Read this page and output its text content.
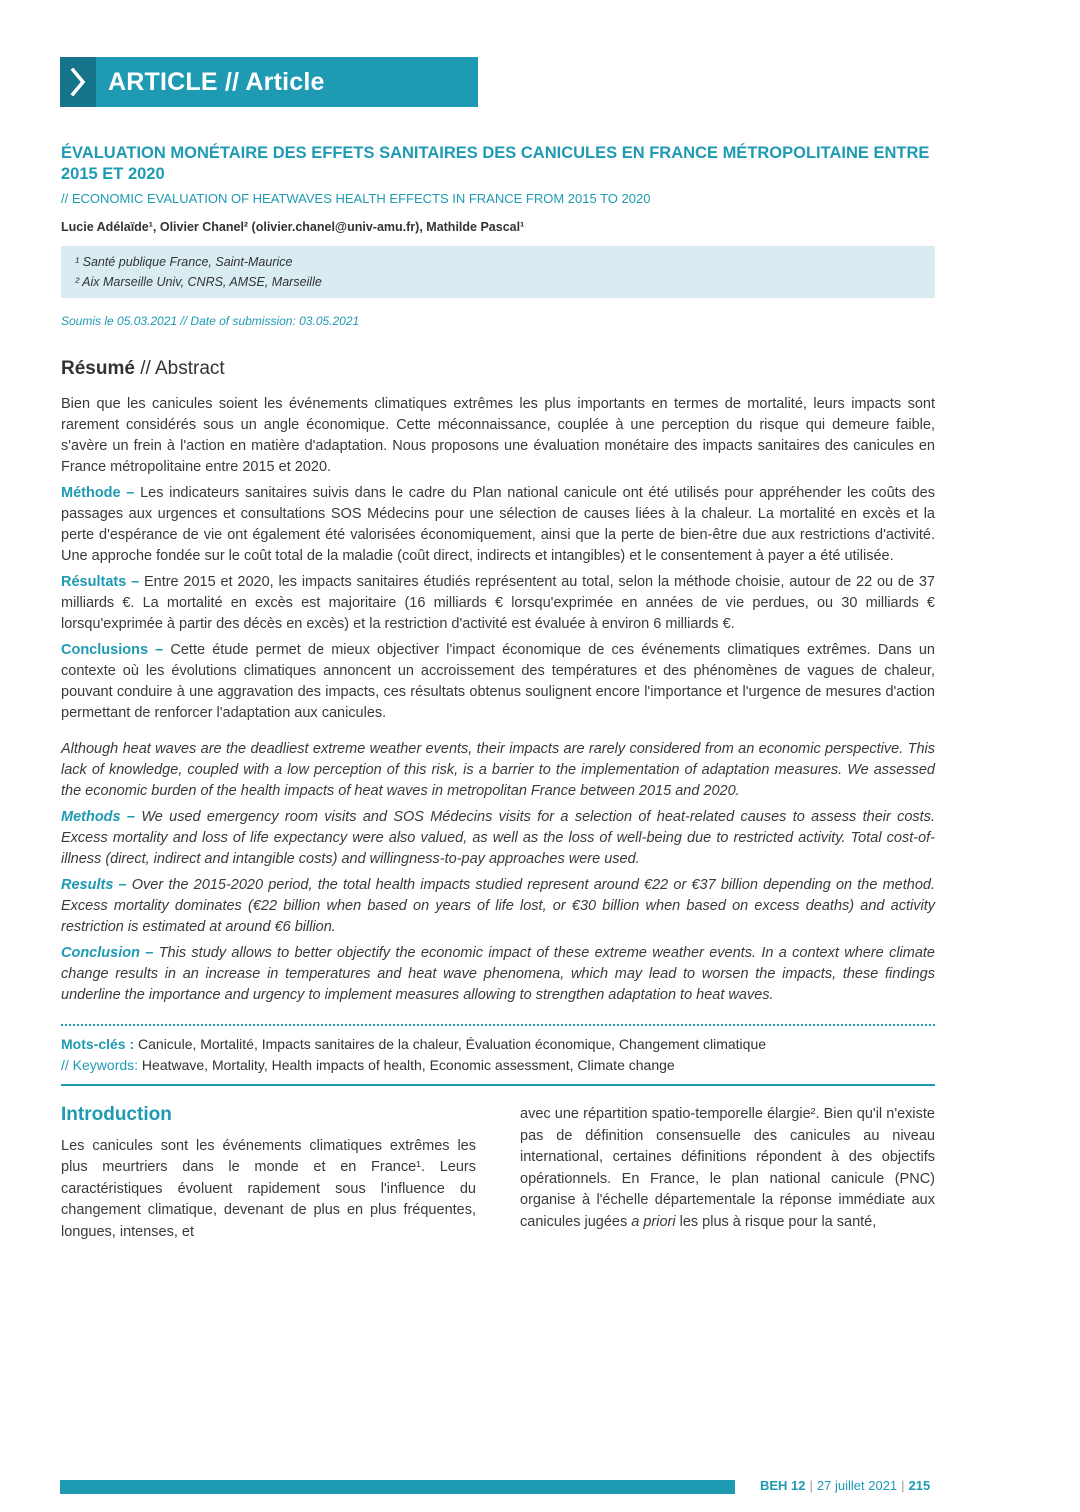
ARTICLE // Article
ÉVALUATION MONÉTAIRE DES EFFETS SANITAIRES DES CANICULES EN FRANCE MÉTROPOLITAINE ENTRE 2015 ET 2020
// ECONOMIC EVALUATION OF HEATWAVES HEALTH EFFECTS IN FRANCE FROM 2015 TO 2020
Lucie Adélaïde¹, Olivier Chanel² (olivier.chanel@univ-amu.fr), Mathilde Pascal¹
¹ Santé publique France, Saint-Maurice
² Aix Marseille Univ, CNRS, AMSE, Marseille
Soumis le 05.03.2021 // Date of submission: 03.05.2021
Résumé // Abstract

Bien que les canicules soient les événements climatiques extrêmes les plus importants en termes de mortalité, leurs impacts sont rarement considérés sous un angle économique. Cette méconnaissance, couplée à une perception du risque qui demeure faible, s'avère un frein à l'action en matière d'adaptation. Nous proposons une évaluation monétaire des impacts sanitaires des canicules en France métropolitaine entre 2015 et 2020.

Méthode – Les indicateurs sanitaires suivis dans le cadre du Plan national canicule ont été utilisés pour appréhender les coûts des passages aux urgences et consultations SOS Médecins pour une sélection de causes liées à la chaleur. La mortalité en excès et la perte d'espérance de vie ont également été valorisées économiquement, ainsi que la perte de bien-être due aux restrictions d'activité. Une approche fondée sur le coût total de la maladie (coût direct, indirects et intangibles) et le consentement à payer a été utilisée.

Résultats – Entre 2015 et 2020, les impacts sanitaires étudiés représentent au total, selon la méthode choisie, autour de 22 ou de 37 milliards €. La mortalité en excès est majoritaire (16 milliards € lorsqu'exprimée en années de vie perdues, ou 30 milliards € lorsqu'exprimée à partir des décès en excès) et la restriction d'activité est évaluée à environ 6 milliards €.

Conclusions – Cette étude permet de mieux objectiver l'impact économique de ces événements climatiques extrêmes. Dans un contexte où les évolutions climatiques annoncent un accroissement des températures et des phénomènes de vagues de chaleur, pouvant conduire à une aggravation des impacts, ces résultats obtenus soulignent encore l'importance et l'urgence de mesures d'action permettant de renforcer l'adaptation aux canicules.

Although heat waves are the deadliest extreme weather events, their impacts are rarely considered from an economic perspective. This lack of knowledge, coupled with a low perception of this risk, is a barrier to the implementation of adaptation measures. We assessed the economic burden of the health impacts of heat waves in metropolitan France between 2015 and 2020.

Methods – We used emergency room visits and SOS Médecins visits for a selection of heat-related causes to assess their costs. Excess mortality and loss of life expectancy were also valued, as well as the loss of well-being due to restricted activity. Total cost-of-illness (direct, indirect and intangible costs) and willingness-to-pay approaches were used.

Results – Over the 2015-2020 period, the total health impacts studied represent around €22 or €37 billion depending on the method. Excess mortality dominates (€22 billion when based on years of life lost, or €30 billion when based on excess deaths) and activity restriction is estimated at around €6 billion.

Conclusion – This study allows to better objectify the economic impact of these extreme weather events. In a context where climate change results in an increase in temperatures and heat wave phenomena, which may lead to worsen the impacts, these findings underline the importance and urgency to implement measures allowing to strengthen adaptation to heat waves.

Mots-clés : Canicule, Mortalité, Impacts sanitaires de la chaleur, Évaluation économique, Changement climatique
// Keywords: Heatwave, Mortality, Health impacts of health, Economic assessment, Climate change
Introduction
Les canicules sont les événements climatiques extrêmes les plus meurtriers dans le monde et en France¹. Leurs caractéristiques évoluent rapidement sous l'influence du changement climatique, devenant de plus en plus fréquentes, longues, intenses, et
avec une répartition spatio-temporelle élargie². Bien qu'il n'existe pas de définition consensuelle des canicules au niveau international, certaines définitions répondent à des objectifs opérationnels. En France, le plan national canicule (PNC) organise à l'échelle départementale la réponse immédiate aux canicules jugées a priori les plus à risque pour la santé,
BEH 12 | 27 juillet 2021 | 215
